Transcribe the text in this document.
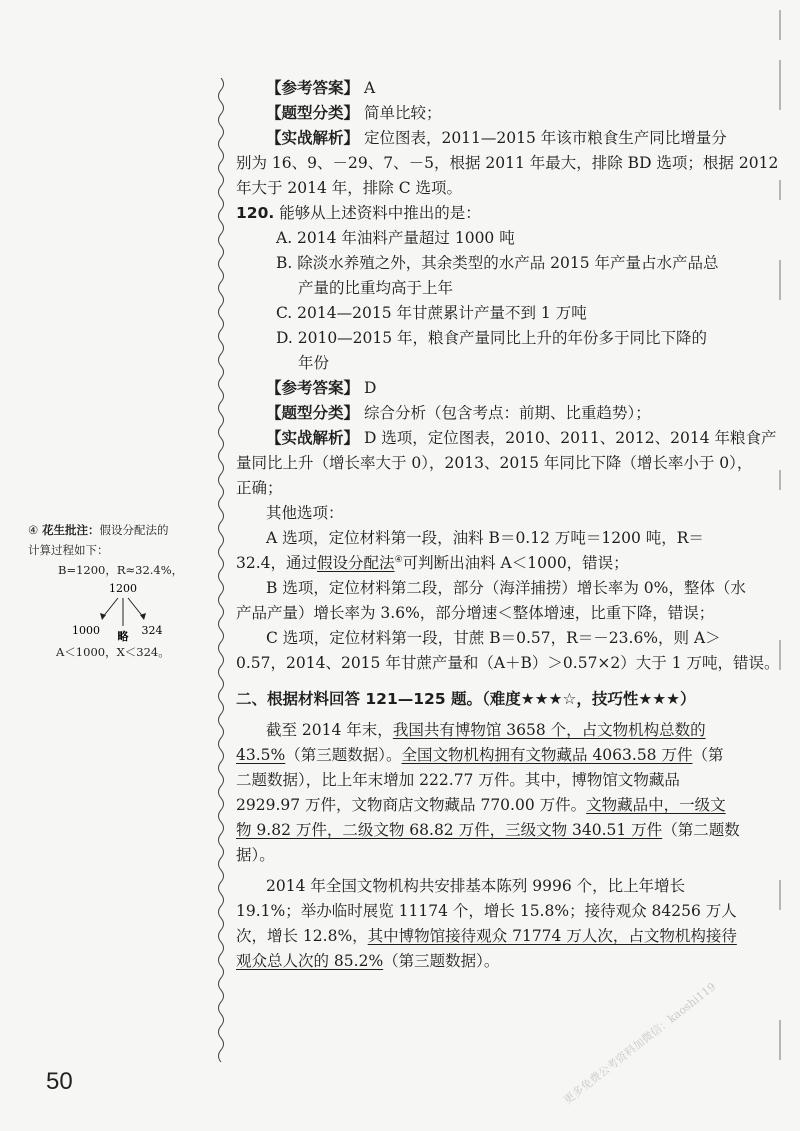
【参考答案】 A
【题型分类】 简单比较；
【实战解析】 定位图表，2011—2015 年该市粮食生产同比增量分
别为 16、9、－29、7、－5，根据 2011 年最大，排除 BD 选项；根据 2012
年大于 2014 年，排除 C 选项。
120. 能够从上述资料中推出的是：
A. 2014 年油料产量超过 1000 吨
B. 除淡水养殖之外，其余类型的水产品 2015 年产量占水产品总
产量的比重均高于上年
C. 2014—2015 年甘蔗累计产量不到 1 万吨
D. 2010—2015 年，粮食产量同比上升的年份多于同比下降的
年份
【参考答案】 D
【题型分类】 综合分析（包含考点：前期、比重趋势）；
【实战解析】 D 选项，定位图表，2010、2011、2012、2014 年粮食产
量同比上升（增长率大于 0），2013、2015 年同比下降（增长率小于 0），
正确；
其他选项：
A 选项，定位材料第一段，油料 B＝0.12 万吨＝1200 吨，R＝
32.4，通过假设分配法④可判断出油料 A＜1000，错误；
B 选项，定位材料第二段，部分（海洋捕捞）增长率为 0%，整体（水
产品产量）增长率为 3.6%，部分增速＜整体增速，比重下降，错误；
C 选项，定位材料第一段，甘蔗 B＝0.57，R＝－23.6%，则 A＞
0.57，2014、2015 年甘蔗产量和（A＋B）＞0.57×2）大于 1 万吨，错误。
二、根据材料回答 121—125 题。（难度★★★☆，技巧性★★★）
截至 2014 年末，我国共有博物馆 3658 个，占文物机构总数的
43.5%（第三题数据）。全国文物机构拥有文物藏品 4063.58 万件（第
二题数据），比上年末增加 222.77 万件。其中，博物馆文物藏品
2929.97 万件，文物商店文物藏品 770.00 万件。文物藏品中，一级文
物 9.82 万件，二级文物 68.82 万件，三级文物 340.51 万件（第二题数
据）。
2014 年全国文物机构共安排基本陈列 9996 个，比上年增长
19.1%；举办临时展览 11174 个，增长 15.8%；接待观众 84256 万人
次，增长 12.8%，其中博物馆接待观众 71774 万人次，占文物机构接待
观众总人次的 85.2%（第三题数据）。
④ 花生批注：假设分配法的
计算过程如下：
B=1200，R≈32.4%，
1200
1000	324
略
A＜1000，X＜324。
50	更多免费公考资料加微信：kaoshi119
